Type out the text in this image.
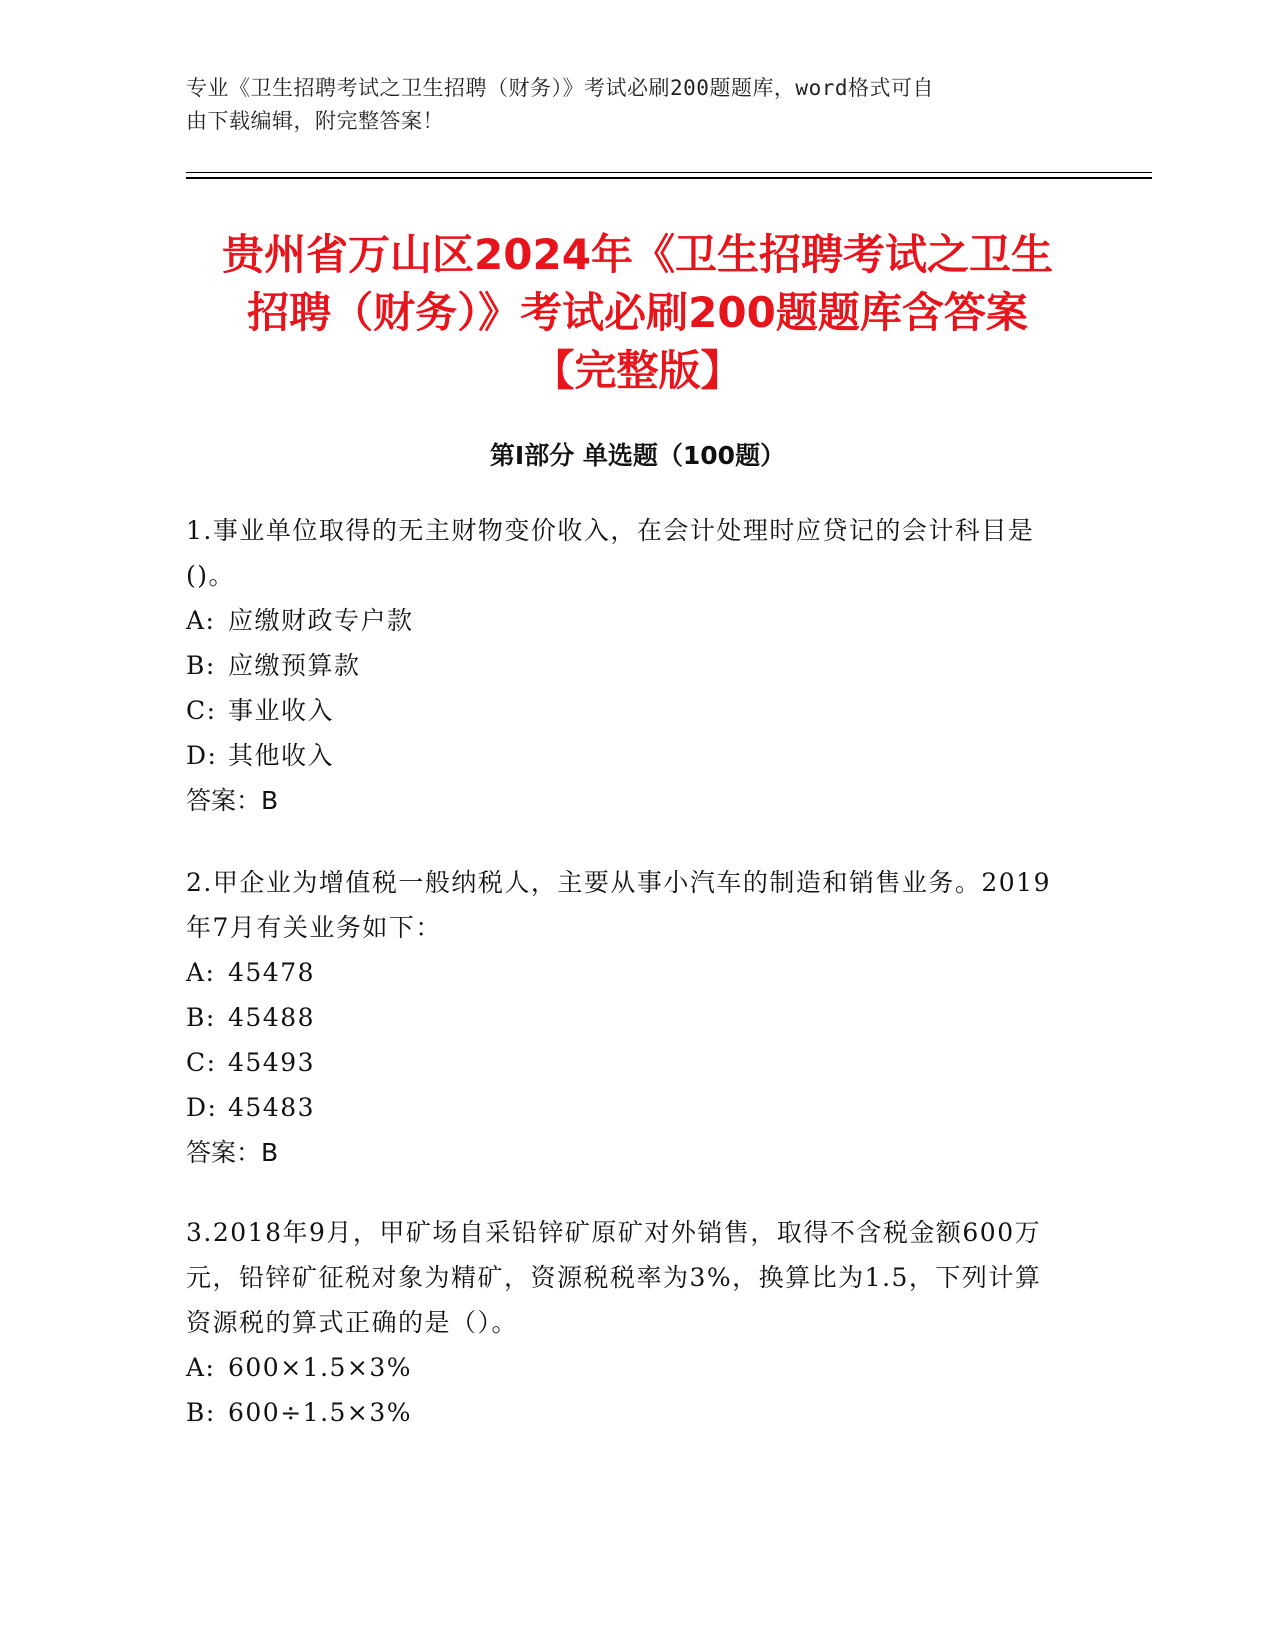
专业《卫生招聘考试之卫生招聘（财务）》考试必刷200题题库，word格式可自
由下载编辑，附完整答案！
贵州省万山区2024年《卫生招聘考试之卫生
招聘（财务）》考试必刷200题题库含答案
【完整版】
第Ⅰ部分 单选题（100题）

1.事业单位取得的无主财物变价收入，在会计处理时应贷记的会计科目是()。

A: 应缴财政专户款

B: 应缴预算款

C: 事业收入

D: 其他收入

答案：B

2.甲企业为增值税一般纳税人，主要从事小汽车的制造和销售业务。2019年7月有关业务如下：

A: 45478

B: 45488

C: 45493

D: 45483

答案：B

3.2018年9月，甲矿场自采铅锌矿原矿对外销售，取得不含税金额600万元，铅锌矿征税对象为精矿，资源税税率为3%，换算比为1.5，下列计算资源税的算式正确的是（）。

A: 600×1.5×3%

B: 600÷1.5×3%
